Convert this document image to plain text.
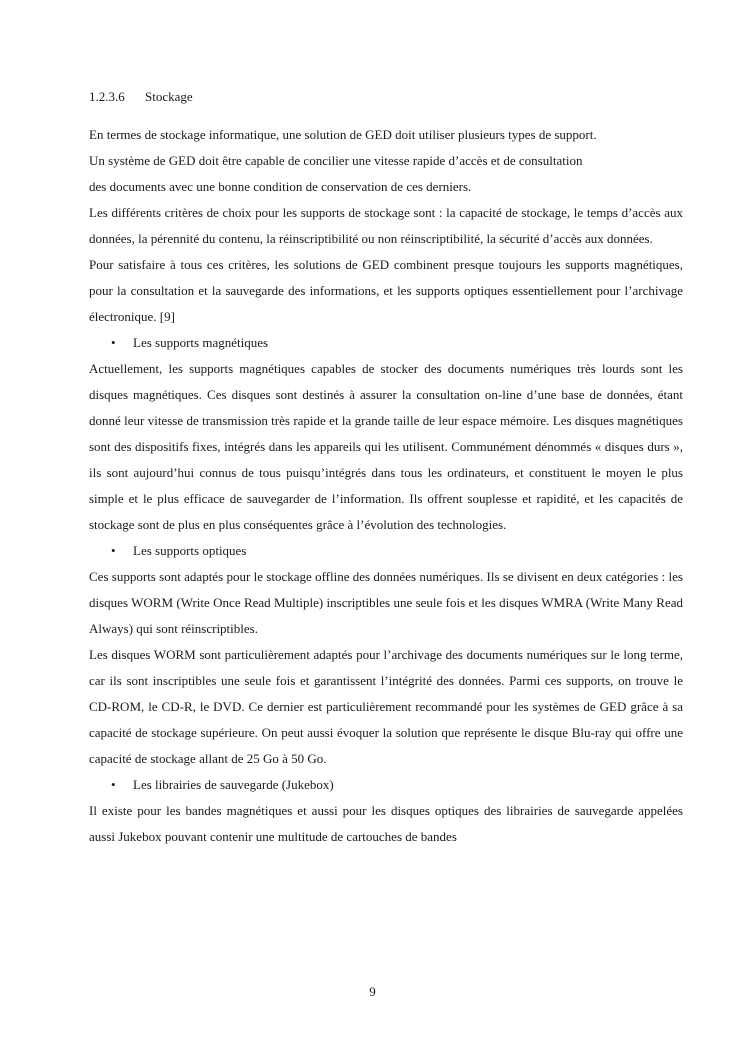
1.2.3.6 Stockage

En termes de stockage informatique, une solution de GED doit utiliser plusieurs types de support.

Un système de GED doit être capable de concilier une vitesse rapide d’accès et de consultation

des documents avec une bonne condition de conservation de ces derniers.

Les différents critères de choix pour les supports de stockage sont : la capacité de stockage, le temps d’accès aux données, la pérennité du contenu, la réinscriptibilité ou non réinscriptibilité, la sécurité d’accès aux données.

Pour satisfaire à tous ces critères, les solutions de GED combinent presque toujours les supports magnétiques, pour la consultation et la sauvegarde des informations, et les supports optiques essentiellement pour l’archivage électronique. [9]

• Les supports magnétiques

Actuellement, les supports magnétiques capables de stocker des documents numériques très lourds sont les disques magnétiques. Ces disques sont destinés à assurer la consultation on-line d’une base de données, étant donné leur vitesse de transmission très rapide et la grande taille de leur espace mémoire. Les disques magnétiques sont des dispositifs fixes, intégrés dans les appareils qui les utilisent. Communément dénommés « disques durs », ils sont aujourd’hui connus de tous puisqu’intégrés dans tous les ordinateurs, et constituent le moyen le plus simple et le plus efficace de sauvegarder de l’information. Ils offrent souplesse et rapidité, et les capacités de stockage sont de plus en plus conséquentes grâce à l’évolution des technologies.

• Les supports optiques

Ces supports sont adaptés pour le stockage offline des données numériques. Ils se divisent en deux catégories : les disques WORM (Write Once Read Multiple) inscriptibles une seule fois et les disques WMRA (Write Many Read Always) qui sont réinscriptibles.

Les disques WORM sont particulièrement adaptés pour l’archivage des documents numériques sur le long terme, car ils sont inscriptibles une seule fois et garantissent l’intégrité des données. Parmi ces supports, on trouve le CD-ROM, le CD-R, le DVD. Ce dernier est particulièrement recommandé pour les systèmes de GED grâce à sa capacité de stockage supérieure. On peut aussi évoquer la solution que représente le disque Blu-ray qui offre une capacité de stockage allant de 25 Go à 50 Go.

• Les librairies de sauvegarde (Jukebox)

Il existe pour les bandes magnétiques et aussi pour les disques optiques des librairies de sauvegarde appelées aussi Jukebox pouvant contenir une multitude de cartouches de bandes

9
